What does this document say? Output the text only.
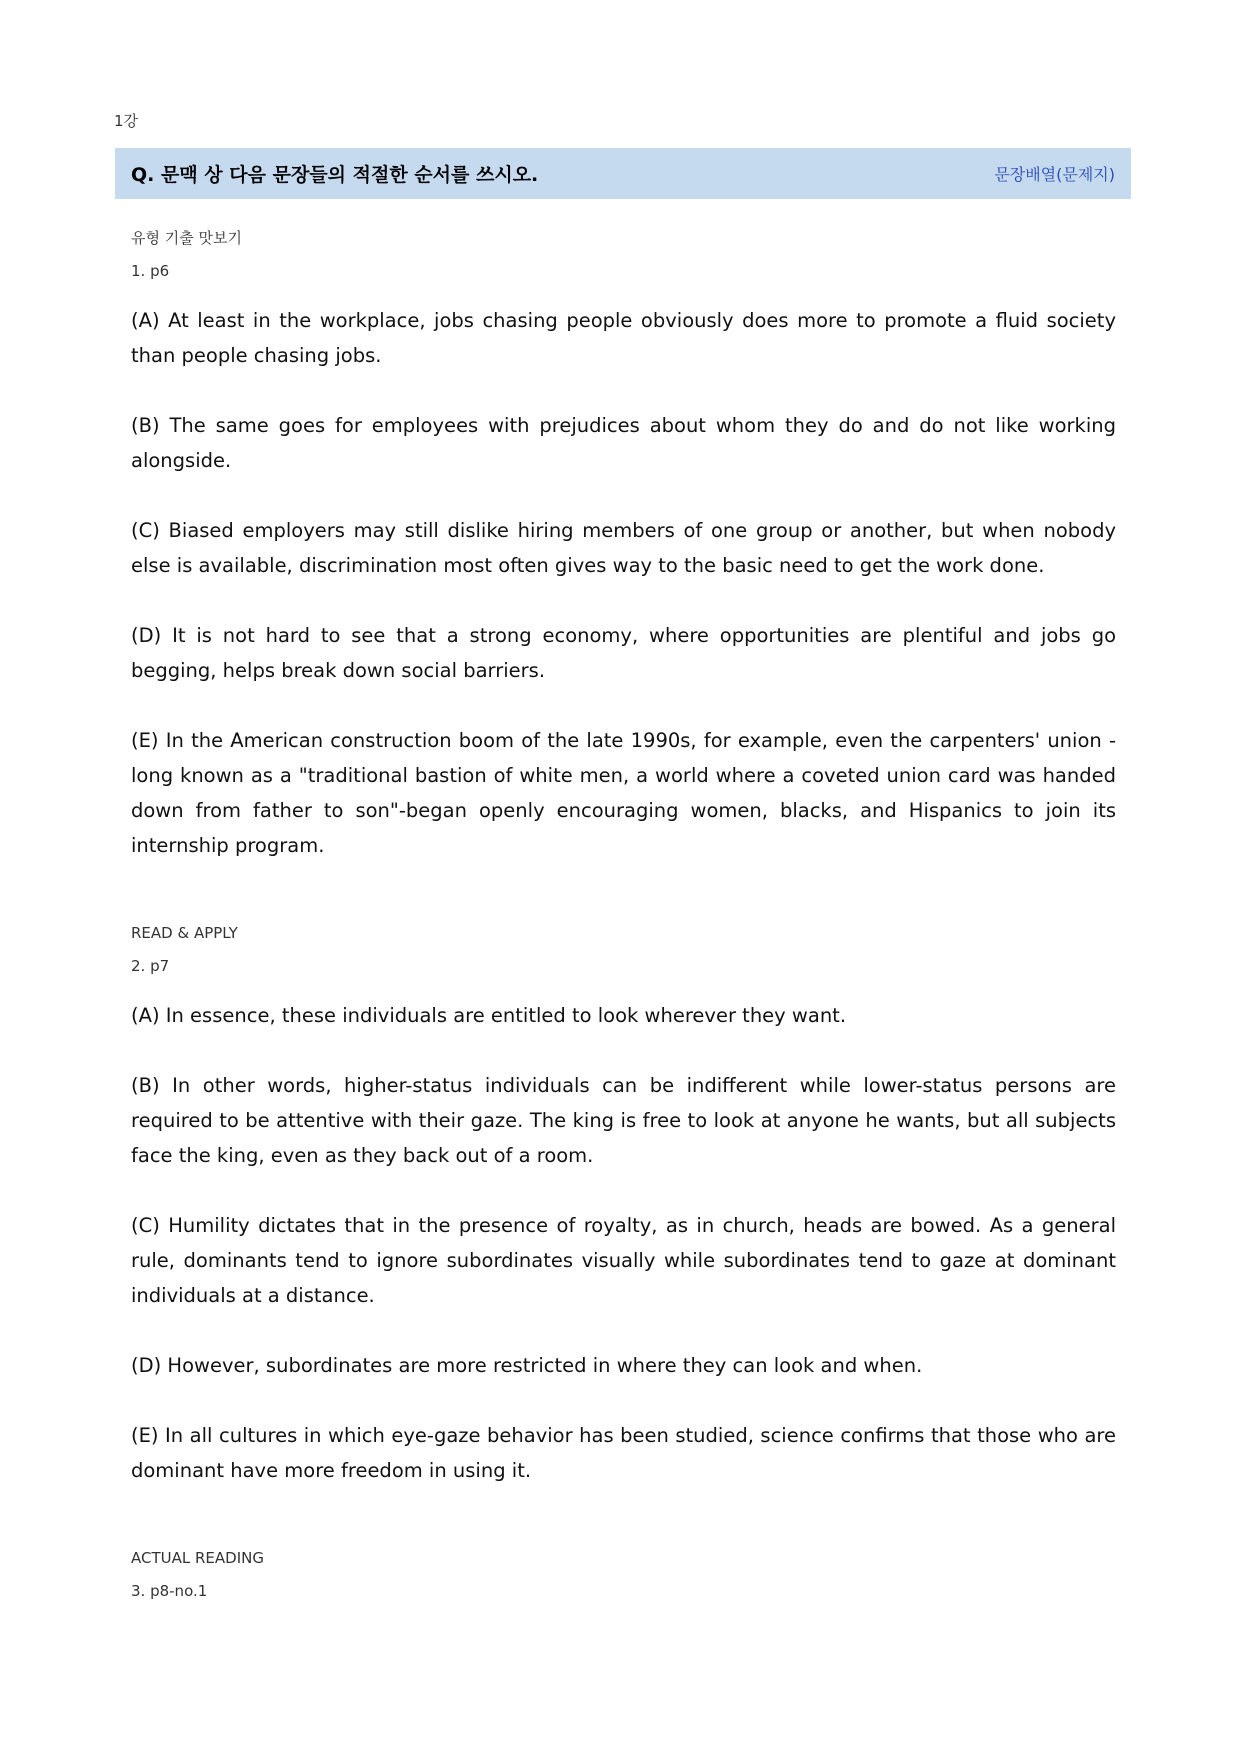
1강
Q. 문맥 상 다음 문장들의 적절한 순서를 쓰시오.	문장배열(문제지)

유형 기출 맛보기

1. p6

(A) At least in the workplace, jobs chasing people obviously does more to promote a fluid society than people chasing jobs.

(B) The same goes for employees with prejudices about whom they do and do not like working alongside.

(C) Biased employers may still dislike hiring members of one group or another, but when nobody else is available, discrimination most often gives way to the basic need to get the work done.

(D) It is not hard to see that a strong economy, where opportunities are plentiful and jobs go begging, helps break down social barriers.

(E) In the American construction boom of the late 1990s, for example, even the carpenters' union -long known as a "traditional bastion of white men, a world where a coveted union card was handed down from father to son"-began openly encouraging women, blacks, and Hispanics to join its internship program.

READ & APPLY

2. p7

(A) In essence, these individuals are entitled to look wherever they want.

(B) In other words, higher-status individuals can be indifferent while lower-status persons are required to be attentive with their gaze. The king is free to look at anyone he wants, but all subjects face the king, even as they back out of a room.

(C) Humility dictates that in the presence of royalty, as in church, heads are bowed. As a general rule, dominants tend to ignore subordinates visually while subordinates tend to gaze at dominant individuals at a distance.

(D) However, subordinates are more restricted in where they can look and when.

(E) In all cultures in which eye-gaze behavior has been studied, science confirms that those who are dominant have more freedom in using it.

ACTUAL READING

3. p8-no.1
